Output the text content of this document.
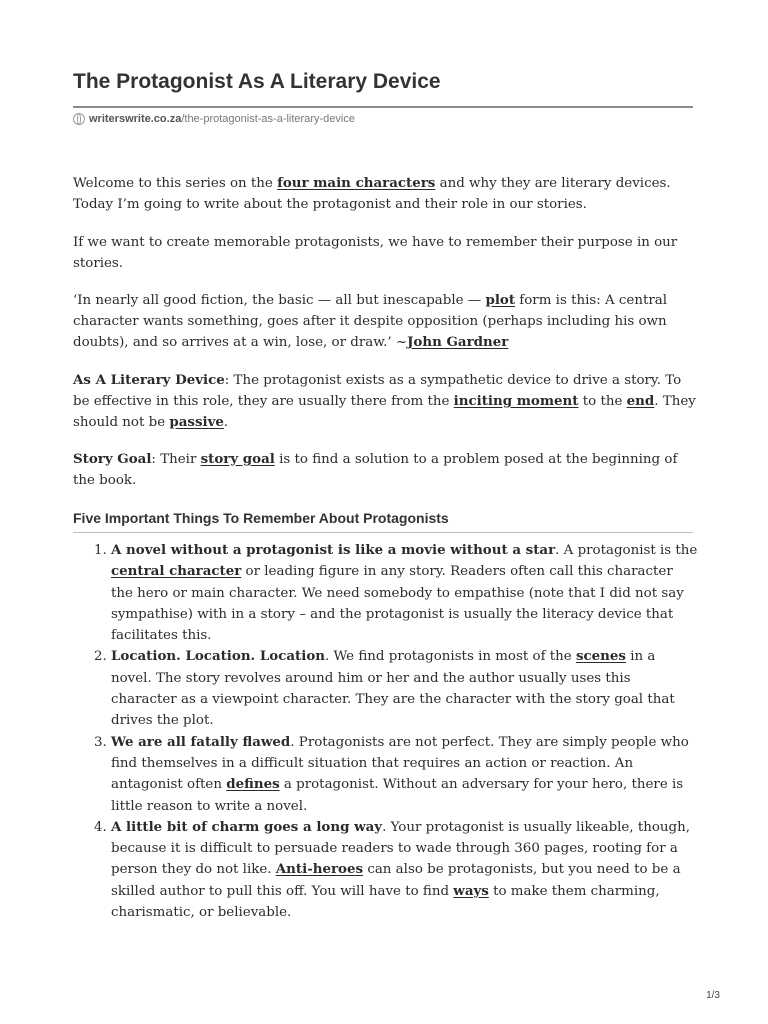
The Protagonist As A Literary Device
writerswrite.co.za /the-protagonist-as-a-literary-device

Welcome to this series on the four main characters and why they are literary devices. Today I’m going to write about the protagonist and their role in our stories.

If we want to create memorable protagonists, we have to remember their purpose in our stories.

‘In nearly all good fiction, the basic — all but inescapable — plot form is this: A central character wants something, goes after it despite opposition (perhaps including his own doubts), and so arrives at a win, lose, or draw.’ ~John Gardner

As A Literary Device: The protagonist exists as a sympathetic device to drive a story. To be effective in this role, they are usually there from the inciting moment to the end. They should not be passive.

Story Goal: Their story goal is to find a solution to a problem posed at the beginning of the book.

Five Important Things To Remember About Protagonists
1. A novel without a protagonist is like a movie without a star. A protagonist is the central character or leading figure in any story. Readers often call this character the hero or main character. We need somebody to empathise (note that I did not say sympathise) with in a story – and the protagonist is usually the literacy device that facilitates this.
2. Location. Location. Location. We find protagonists in most of the scenes in a novel. The story revolves around him or her and the author usually uses this character as a viewpoint character. They are the character with the story goal that drives the plot.
3. We are all fatally flawed. Protagonists are not perfect. They are simply people who find themselves in a difficult situation that requires an action or reaction. An antagonist often defines a protagonist. Without an adversary for your hero, there is little reason to write a novel.
4. A little bit of charm goes a long way. Your protagonist is usually likeable, though, because it is difficult to persuade readers to wade through 360 pages, rooting for a person they do not like. Anti-heroes can also be protagonists, but you need to be a skilled author to pull this off. You will have to find ways to make them charming, charismatic, or believable.
1/3
